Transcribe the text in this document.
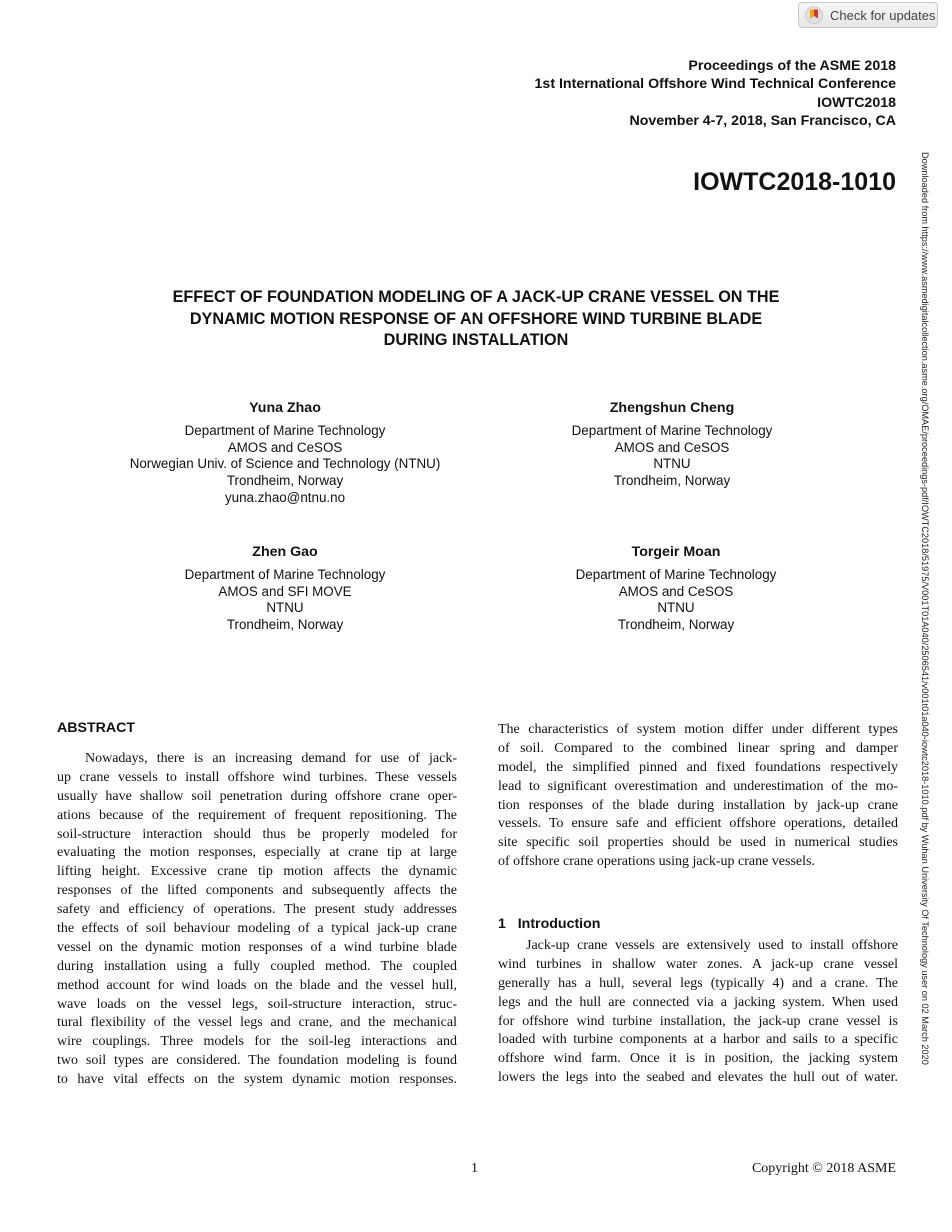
Check for updates
Proceedings of the ASME 2018
1st International Offshore Wind Technical Conference
IOWTC2018
November 4-7, 2018, San Francisco, CA
IOWTC2018-1010	Downloaded from https://www.asmedigitalcollection.asme.org/OMAE/proceedings-pdf/IOWTC2018/51975/V001T01A040/2506541/v001t01a040-iowtc2018-1010.pdf by Wuhan University Of Technology user on 02 March 2020
EFFECT OF FOUNDATION MODELING OF A JACK-UP CRANE VESSEL ON THE
DYNAMIC MOTION RESPONSE OF AN OFFSHORE WIND TURBINE BLADE
DURING INSTALLATION
Yuna Zhao
Department of Marine Technology
AMOS and CeSOS
Norwegian Univ. of Science and Technology (NTNU)
Trondheim, Norway
yuna.zhao@ntnu.no
Zhengshun Cheng
Department of Marine Technology
AMOS and CeSOS
NTNU
Trondheim, Norway
Zhen Gao
Department of Marine Technology
AMOS and SFI MOVE
NTNU
Trondheim, Norway
Torgeir Moan
Department of Marine Technology
AMOS and CeSOS
NTNU
Trondheim, Norway
ABSTRACT
Nowadays, there is an increasing demand for use of jack-
up crane vessels to install offshore wind turbines. These vessels
usually have shallow soil penetration during offshore crane oper-
ations because of the requirement of frequent repositioning. The
soil-structure interaction should thus be properly modeled for
evaluating the motion responses, especially at crane tip at large
lifting height. Excessive crane tip motion affects the dynamic
responses of the lifted components and subsequently affects the
safety and efficiency of operations. The present study addresses
the effects of soil behaviour modeling of a typical jack-up crane
vessel on the dynamic motion responses of a wind turbine blade
during installation using a fully coupled method. The coupled
method account for wind loads on the blade and the vessel hull,
wave loads on the vessel legs, soil-structure interaction, struc-
tural flexibility of the vessel legs and crane, and the mechanical
wire couplings. Three models for the soil-leg interactions and
two soil types are considered. The foundation modeling is found
to have vital effects on the system dynamic motion responses.
The characteristics of system motion differ under different types
of soil. Compared to the combined linear spring and damper
model, the simplified pinned and fixed foundations respectively
lead to significant overestimation and underestimation of the mo-
tion responses of the blade during installation by jack-up crane
vessels. To ensure safe and efficient offshore operations, detailed
site specific soil properties should be used in numerical studies
of offshore crane operations using jack-up crane vessels.
1   Introduction
Jack-up crane vessels are extensively used to install offshore
wind turbines in shallow water zones. A jack-up crane vessel
generally has a hull, several legs (typically 4) and a crane. The
legs and the hull are connected via a jacking system. When used
for offshore wind turbine installation, the jack-up crane vessel is
loaded with turbine components at a harbor and sails to a specific
offshore wind farm. Once it is in position, the jacking system
lowers the legs into the seabed and elevates the hull out of water.
1	Copyright © 2018 ASME
